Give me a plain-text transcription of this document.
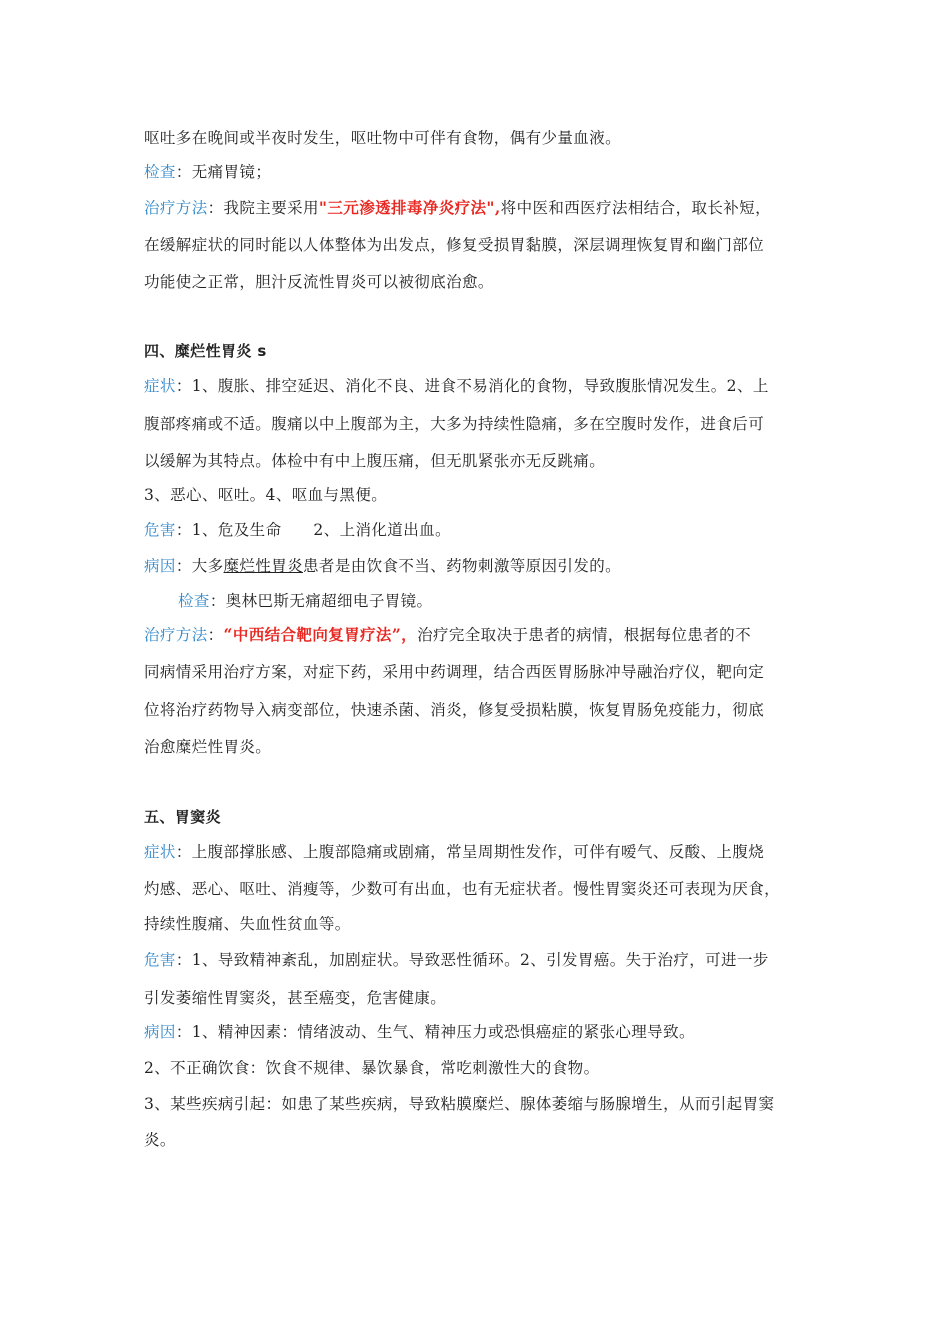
呕吐多在晚间或半夜时发生，呕吐物中可伴有食物，偶有少量血液。
检查：无痛胃镜；
治疗方法：我院主要采用"三元渗透排毒净炎疗法",将中医和西医疗法相结合，取长补短，
在缓解症状的同时能以人体整体为出发点，修复受损胃黏膜，深层调理恢复胃和幽门部位
功能使之正常，胆汁反流性胃炎可以被彻底治愈。
四、糜烂性胃炎 s
症状：1、腹胀、排空延迟、消化不良、进食不易消化的食物，导致腹胀情况发生。2、上
腹部疼痛或不适。腹痛以中上腹部为主，大多为持续性隐痛，多在空腹时发作，进食后可
以缓解为其特点。体检中有中上腹压痛，但无肌紧张亦无反跳痛。
3、恶心、呕吐。4、呕血与黑便。
危害：1、危及生命      2、上消化道出血。
病因：大多糜烂性胃炎患者是由饮食不当、药物刺激等原因引发的。
检查：奥林巴斯无痛超细电子胃镜。
治疗方法：“中西结合靶向复胃疗法”，治疗完全取决于患者的病情，根据每位患者的不
同病情采用治疗方案，对症下药，采用中药调理，结合西医胃肠脉冲导融治疗仪，靶向定
位将治疗药物导入病变部位，快速杀菌、消炎，修复受损粘膜，恢复胃肠免疫能力，彻底
治愈糜烂性胃炎。
五、胃窦炎
症状：上腹部撑胀感、上腹部隐痛或剧痛，常呈周期性发作，可伴有嗳气、反酸、上腹烧
灼感、恶心、呕吐、消瘦等，少数可有出血，也有无症状者。慢性胃窦炎还可表现为厌食，
持续性腹痛、失血性贫血等。
危害：1、导致精神紊乱，加剧症状。导致恶性循环。2、引发胃癌。失于治疗，可进一步
引发萎缩性胃窦炎，甚至癌变，危害健康。
病因：1、精神因素：情绪波动、生气、精神压力或恐惧癌症的紧张心理导致。
2、不正确饮食：饮食不规律、暴饮暴食，常吃刺激性大的食物。
3、某些疾病引起：如患了某些疾病，导致粘膜糜烂、腺体萎缩与肠腺增生，从而引起胃窦
炎。
